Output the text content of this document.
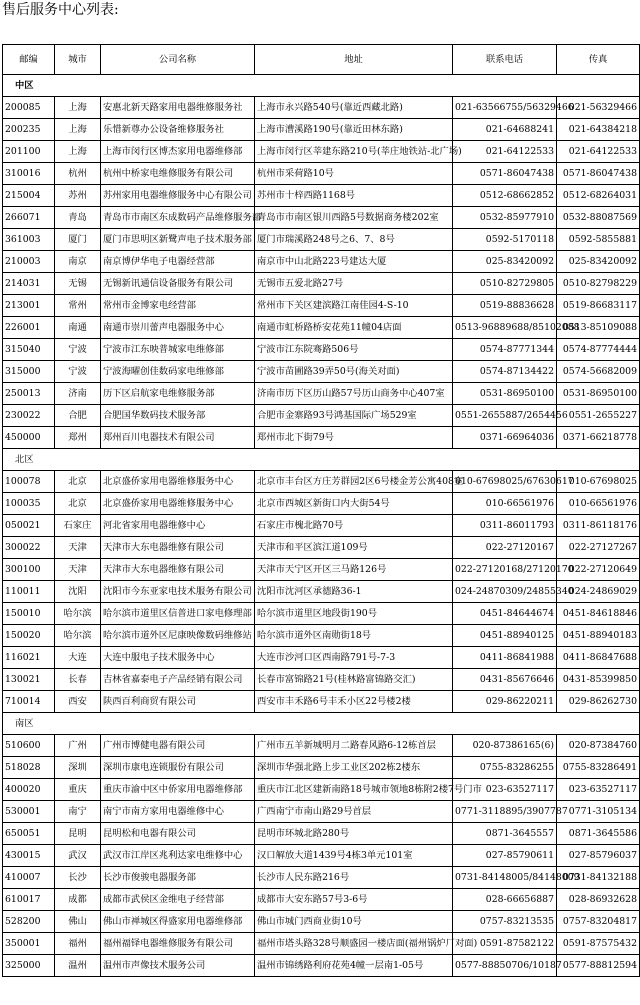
售后服务中心列表:
邮编	城市	公司名称	地址	联系电话	传真
中区					
200085	上海	安惠北新天路家用电器维修服务社	上海市永兴路540号(靠近西藏北路)	021-63566755/56329466	021-56329466
200235	上海	乐惜新尊办公设备维修服务社	上海市漕溪路190号(靠近田林东路)	021-64688241	021-64384218
201100	上海	上海市闵行区博杰家用电器维修部	上海市闵行区莘建东路210号(莘庄地铁站-北广场)	021-64122533	021-64122533
310016	杭州	杭州中桥家电维修服务有限公司	杭州市采荷路10号	0571-86047438	0571-86047438
215004	苏州	苏州家用电器维修服务中心有限公司	苏州市十梓西路1168号	0512-68662852	0512-68264031
266071	青岛	青岛市市南区东成数码产品维修服务部	青岛市市南区银川西路5号数据商务楼202室	0532-85977910	0532-88087569
361003	厦门	厦门市思明区新鹭声电子技术服务部	厦门市瑞溪路248号之6、7、8号	0592-5170118	0592-5855881
210003	南京	南京博伊华电子电器经营部	南京市中山北路223号建达大厦	025-83420092	025-83420092
214031	无锡	无锡新讯通信设备服务有限公司	无锡市五爱北路27号	0510-82729805	0510-82798229
213001	常州	常州市金博家电经营部	常州市下关区建滨路江南佳园4-S-10	0519-88836628	0519-86683117
226001	南通	南通市崇川蕾声电器服务中心	南通市虹桥路桥安花苑11幢04店面	0513-96889688/85102088	0513-85109088
315040	宁波	宁波市江东映普城家电维修部	宁波市江东院骞路506号	0574-87771344	0574-87774444
315000	宁波	宁波海曜创佳数码家电维修部	宁波市苗圃路39弄50号(海关对面)	0574-87134422	0574-56682009
250013	济南	历下区启航家电维修服务部	济南市历下区历山路57号历山商务中心407室	0531-86950100	0531-86950100
230022	合肥	合肥国华数码技术服务部	合肥市金寨路93号鸿基国际广场529室	0551-2655887/2654456	0551-2655227
450000	郑州	郑州百川电器技术有限公司	郑州市北下街79号	0371-66964036	0371-66218778
北区					
100078	北京	北京盛侨家用电器维修服务中心	北京市丰台区方庄芳群园2区6号楼金芳公寓408室	010-67698025/67630617	010-67698025
100035	北京	北京盛侨家用电器维修服务中心	北京市西城区新街口内大街54号	010-66561976	010-66561976
050021	石家庄	河北省家用电器维修中心	石家庄市槐北路70号	0311-86011793	0311-86118176
300022	天津	天津市大东电器维修有限公司	天津市和平区滨江道109号	022-27120167	022-27127267
300100	天津	天津市大东电器维修有限公司	天津市天宁区开区三马路126号	022-27120168/27120170	022-27120649
110011	沈阳	沈阳市今东亚家电技术服务有限公司	沈阳市沈河区承德路36-1	024-24870309/24855340	024-24869029
150010	哈尔滨	哈尔滨市道里区信普进口家电修理部	哈尔滨市道里区地段街190号	0451-84644674	0451-84618846
150020	哈尔滨	哈尔滨市道外区尼康映像数码维修站	哈尔滨市道外区南勋街18号	0451-88940125	0451-88940183
116021	大连	大连中服电子技术服务中心	大连市沙河口区西南路791号-7-3	0411-86841988	0411-86847688
130021	长春	吉林省嘉泰电子产品经销有限公司	长春市富锦路21号(桂林路富锦路交汇)	0431-85676646	0431-85399850
710014	西安	陕西百利商贸有限公司	西安市丰禾路6号丰禾小区22号楼2楼	029-86220211	029-86262730
南区					
510600	广州	广州市博健电器有限公司	广州市五羊新城明月二路春风路6-12栋首层	020-87386165(6)	020-87384760
518028	深圳	深圳市康电连锁服份有限公司	深圳市华强北路上步工业区202栋2楼东	0755-83286255	0755-83286491
400020	重庆	重庆市渝中区中侨家用电器维修部	重庆市江北区建新南路18号城市领地8栋附2楼7号门市	023-63527117	023-63527117
530001	南宁	南宁市南方家用电器维修中心	广西南宁市南山路29号首层	0771-3118895/3907787	0771-3105134
650051	昆明	昆明松和电器有限公司	昆明市环城北路280号	0871-3645557	0871-3645586
430015	武汉	武汉市江岸区兆利达家电维修中心	汉口解放大道1439号4栋3单元101室	027-85790611	027-85796037
410007	长沙	长沙市俊骏电器服务部	长沙市人民东路216号	0731-84148005/84148009	0731-84132188
610017	成都	成都市武侯区金维电子经营部	成都市大安东路57号3-6号	028-66656887	028-86932628
528200	佛山	佛山市禅城区得盛家用电器维修部	佛山市城门西商业街10号	0757-83213535	0757-83204817
350001	福州	福州福铎电器维修服务有限公司	福州市塔头路328号顺盛园一楼店面(福州锅炉厂对面)	0591-87582122	0591-87575432
325000	温州	温州市声像技术服务公司	温州市锦绣路利府花苑4幢一层南1-05号	0577-88850706/10187	0577-88812594
